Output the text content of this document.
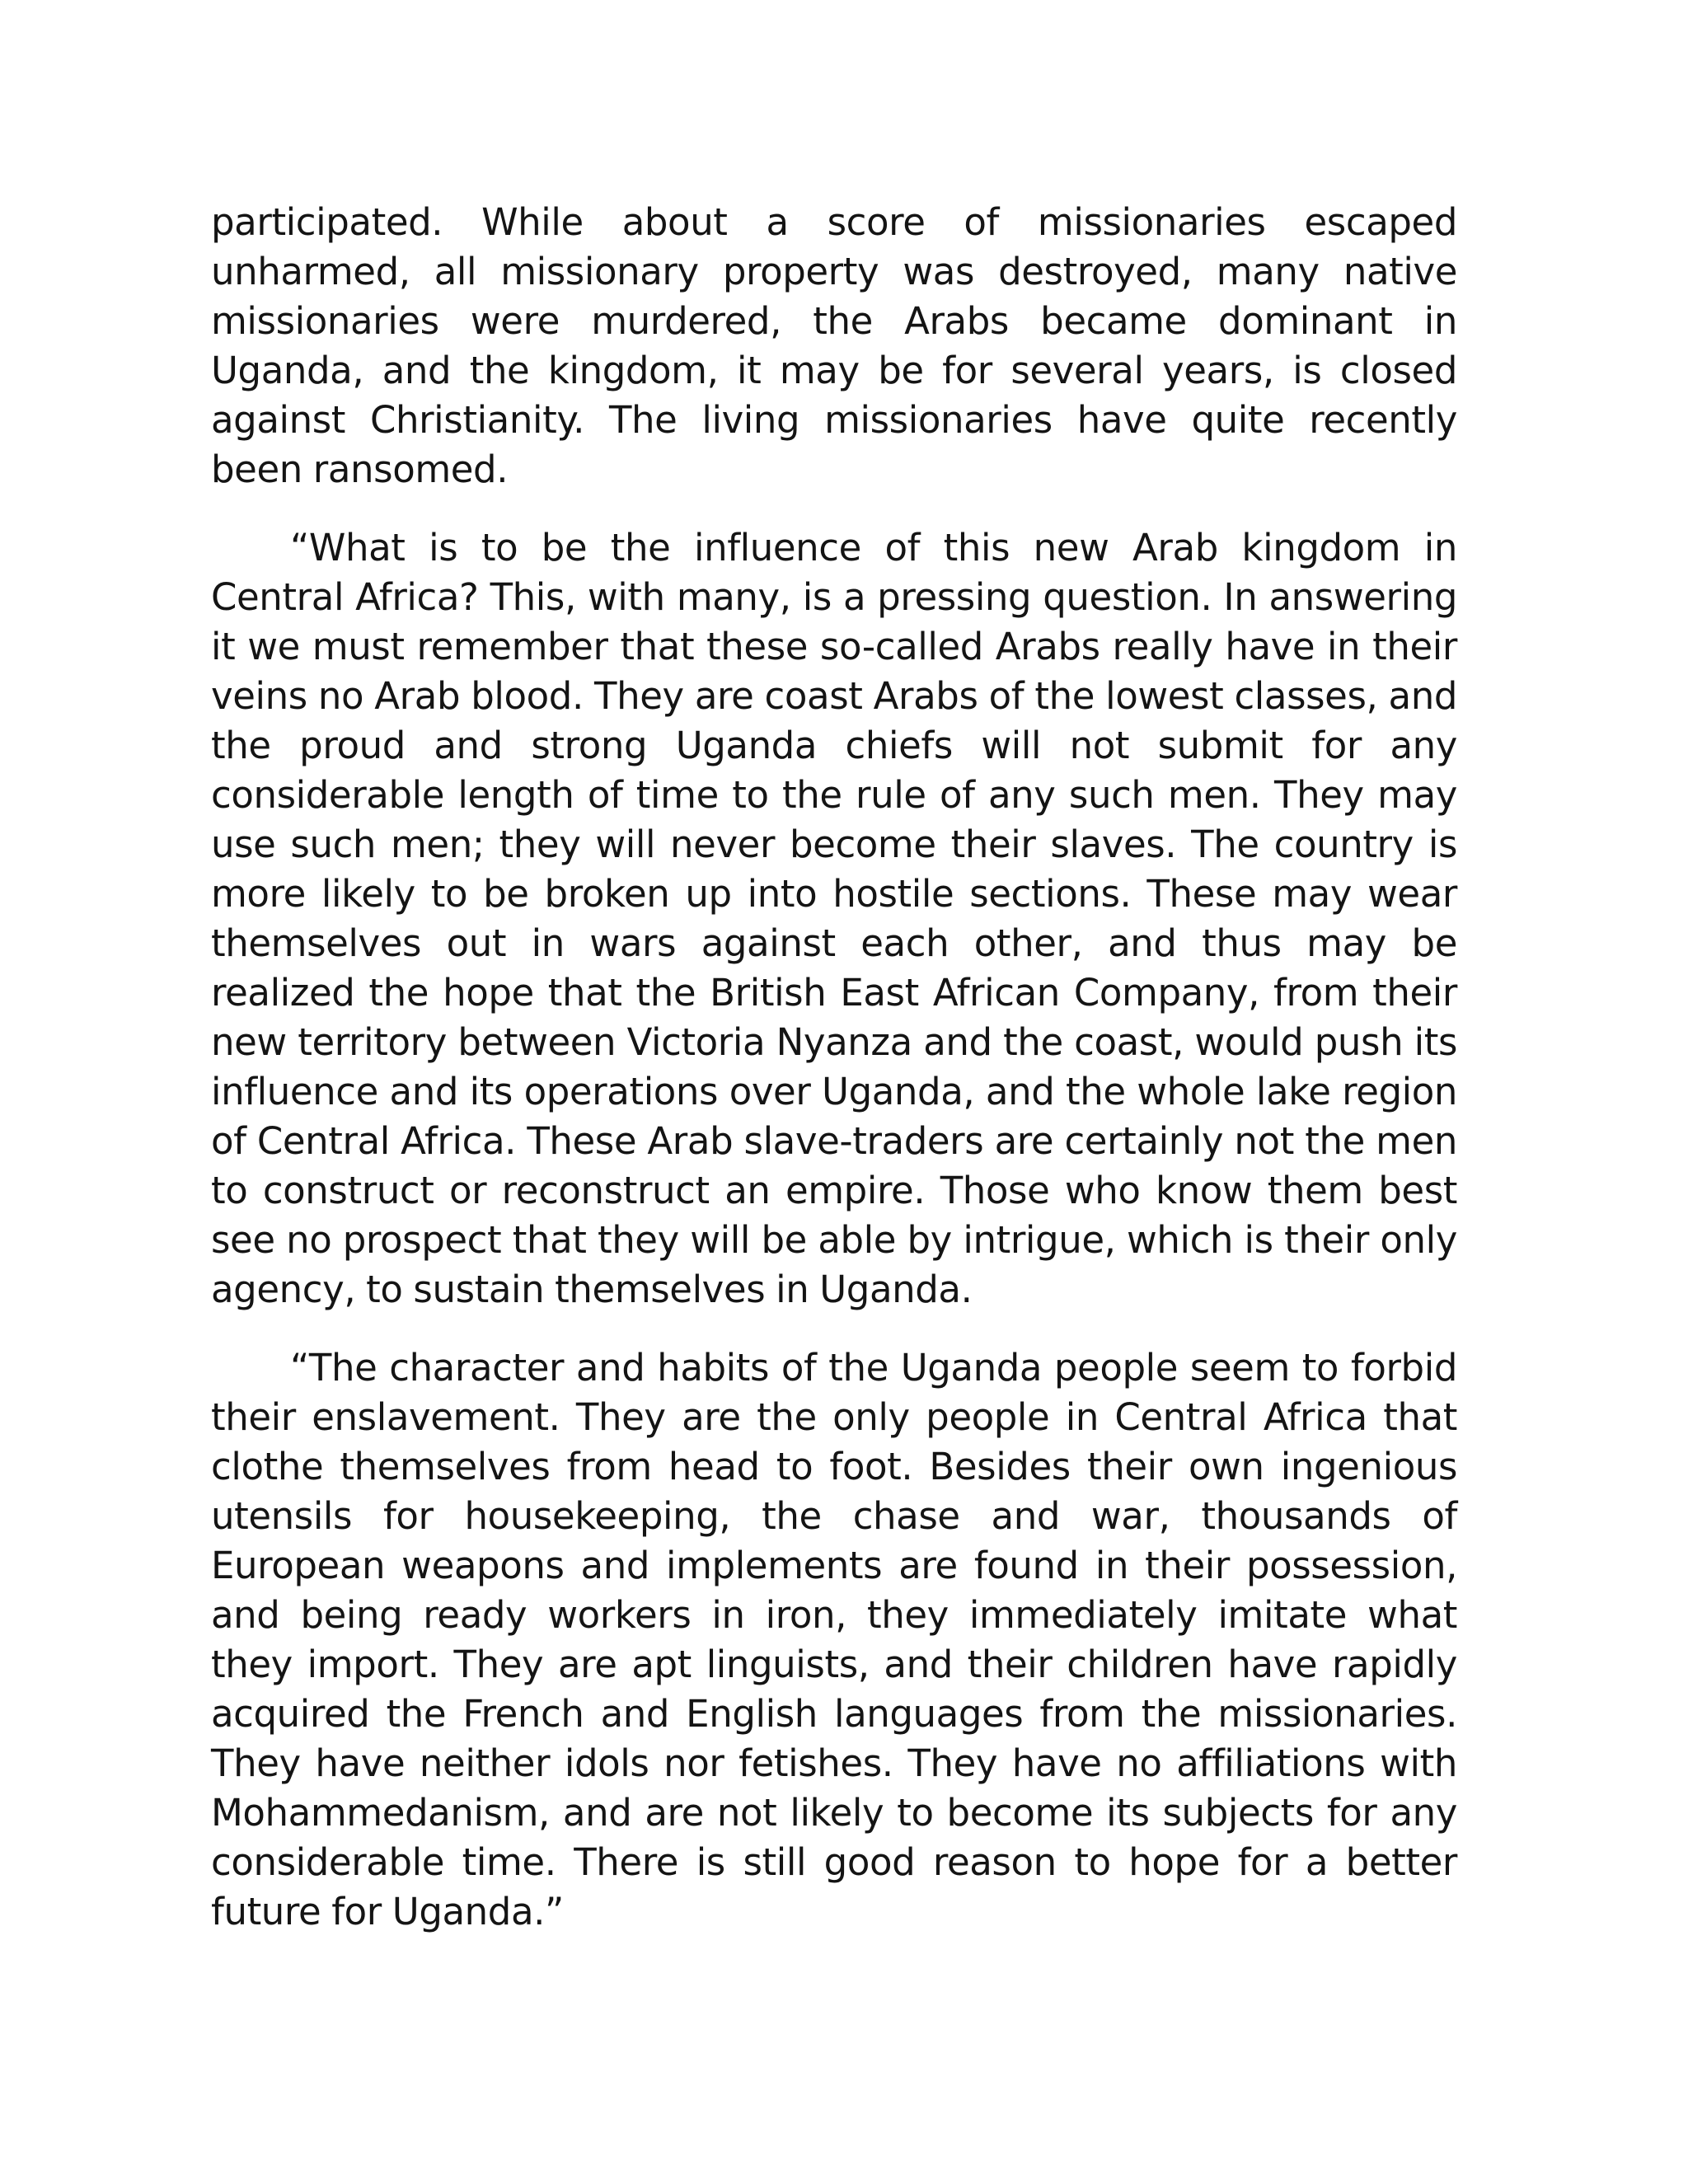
participated. While about a score of missionaries escaped unharmed, all missionary property was destroyed, many native missionaries were murdered, the Arabs became dominant in Uganda, and the kingdom, it may be for several years, is closed against Christianity. The living missionaries have quite recently been ransomed.

“What is to be the influence of this new Arab kingdom in Central Africa? This, with many, is a pressing question. In answering it we must remember that these so-called Arabs really have in their veins no Arab blood. They are coast Arabs of the lowest classes, and the proud and strong Uganda chiefs will not submit for any considerable length of time to the rule of any such men. They may use such men; they will never become their slaves. The country is more likely to be broken up into hostile sections. These may wear themselves out in wars against each other, and thus may be realized the hope that the British East African Company, from their new territory between Victoria Nyanza and the coast, would push its influence and its operations over Uganda, and the whole lake region of Central Africa. These Arab slave-traders are certainly not the men to construct or reconstruct an empire. Those who know them best see no prospect that they will be able by intrigue, which is their only agency, to sustain themselves in Uganda.

“The character and habits of the Uganda people seem to forbid their enslavement. They are the only people in Central Africa that clothe themselves from head to foot. Besides their own ingenious utensils for housekeeping, the chase and war, thousands of European weapons and implements are found in their possession, and being ready workers in iron, they immediately imitate what they import. They are apt linguists, and their children have rapidly acquired the French and English languages from the missionaries. They have neither idols nor fetishes. They have no affiliations with Mohammedanism, and are not likely to become its subjects for any considerable time. There is still good reason to hope for a better future for Uganda.”
